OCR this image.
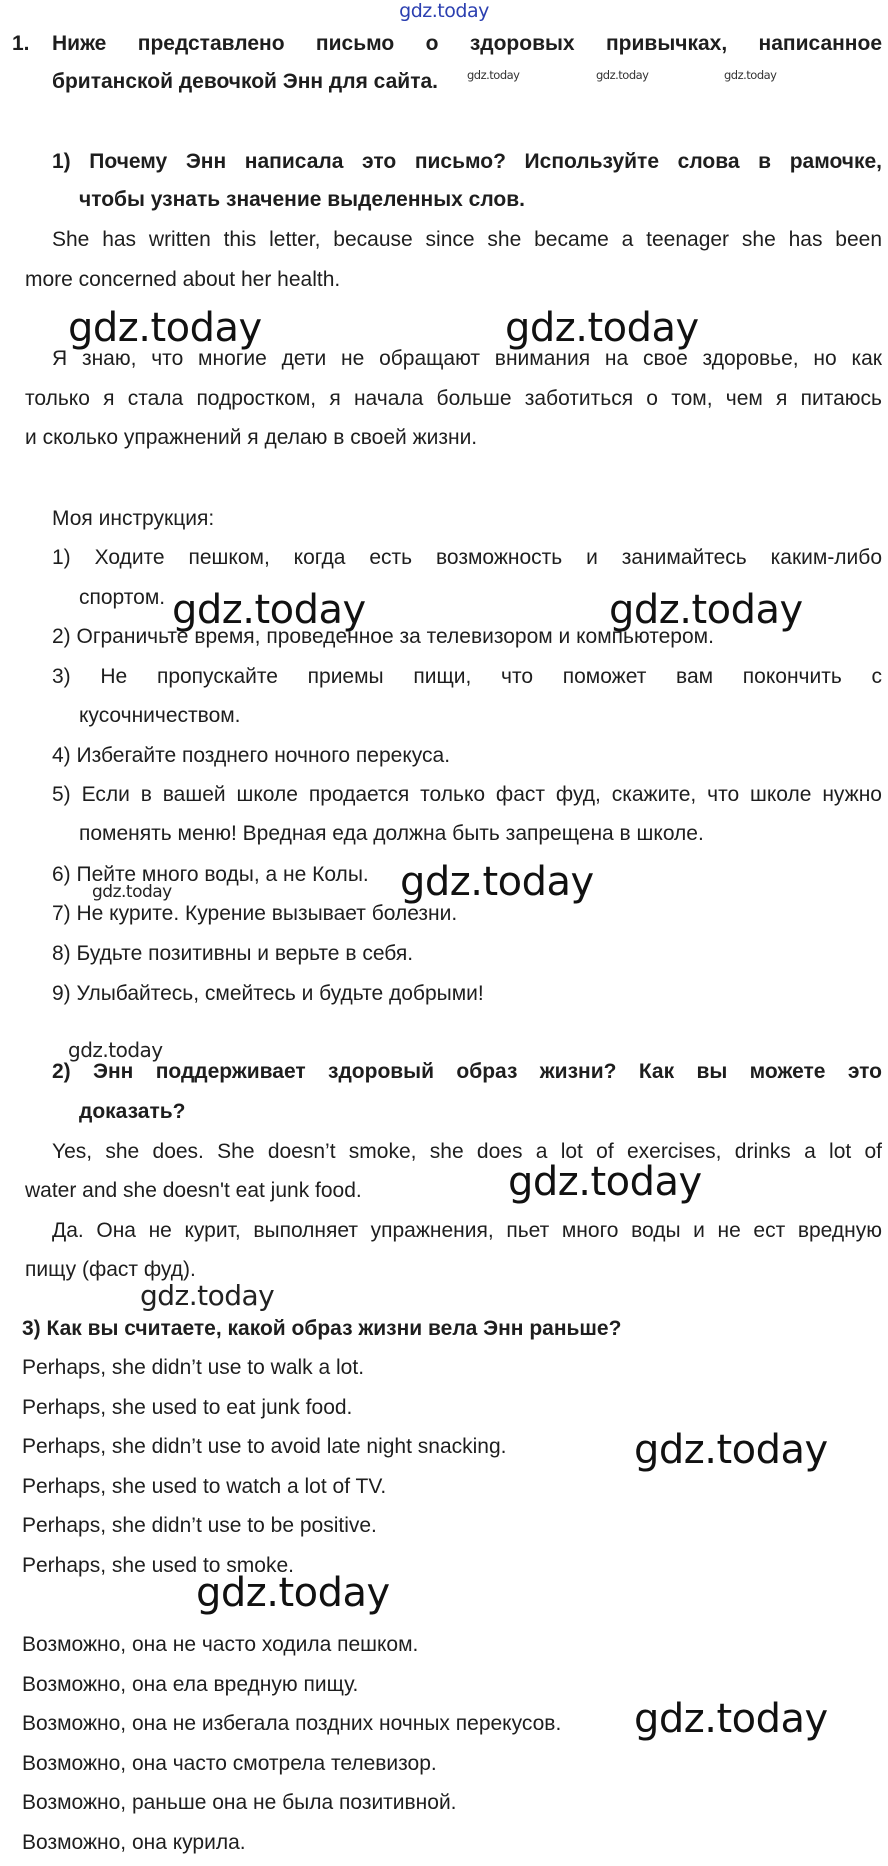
gdz.today
1. Ниже представлено письмо о здоровых привычках, написанное
британской девочкой Энн для сайта.
1) Почему Энн написала это письмо? Используйте слова в рамочке,
чтобы узнать значение выделенных слов.
She has written this letter, because since she became a teenager she has been
more concerned about her health.
Я знаю, что многие дети не обращают внимания на свое здоровье, но как
только я стала подростком, я начала больше заботиться о том, чем я питаюсь
и сколько упражнений я делаю в своей жизни.
Моя инструкция:
1) Ходите пешком, когда есть возможность и занимайтесь каким-либо
спортом.
2) Ограничьте время, проведенное за телевизором и компьютером.
3) Не пропускайте приемы пищи, что поможет вам покончить с
кусочничеством.
4) Избегайте позднего ночного перекуса.
5) Если в вашей школе продается только фаст фуд, скажите, что школе нужно
поменять меню! Вредная еда должна быть запрещена в школе.
6) Пейте много воды, а не Колы.
7) Не курите. Курение вызывает болезни.
8) Будьте позитивны и верьте в себя.
9) Улыбайтесь, смейтесь и будьте добрыми!
2) Энн поддерживает здоровый образ жизни? Как вы можете это
доказать?
Yes, she does. She doesn’t smoke, she does a lot of exercises, drinks a lot of
water and she doesn't eat junk food.
Да. Она не курит, выполняет упражнения, пьет много воды и не ест вредную
пищу (фаст фуд).
3) Как вы считаете, какой образ жизни вела Энн раньше?
Perhaps, she didn’t use to walk a lot.
Perhaps, she used to eat junk food.
Perhaps, she didn’t use to avoid late night snacking.
Perhaps, she used to watch a lot of TV.
Perhaps, she didn’t use to be positive.
Perhaps, she used to smoke.
Возможно, она не часто ходила пешком.
Возможно, она ела вредную пищу.
Возможно, она не избегала поздних ночных перекусов.
Возможно, она часто смотрела телевизор.
Возможно, раньше она не была позитивной.
Возможно, она курила.
gdz.today	gdz.today	gdz.today
gdz.today	gdz.today
gdz.today	gdz.today
gdz.today
gdz.today
gdz.today
gdz.today
gdz.today
gdz.today
gdz.today
gdz.today
